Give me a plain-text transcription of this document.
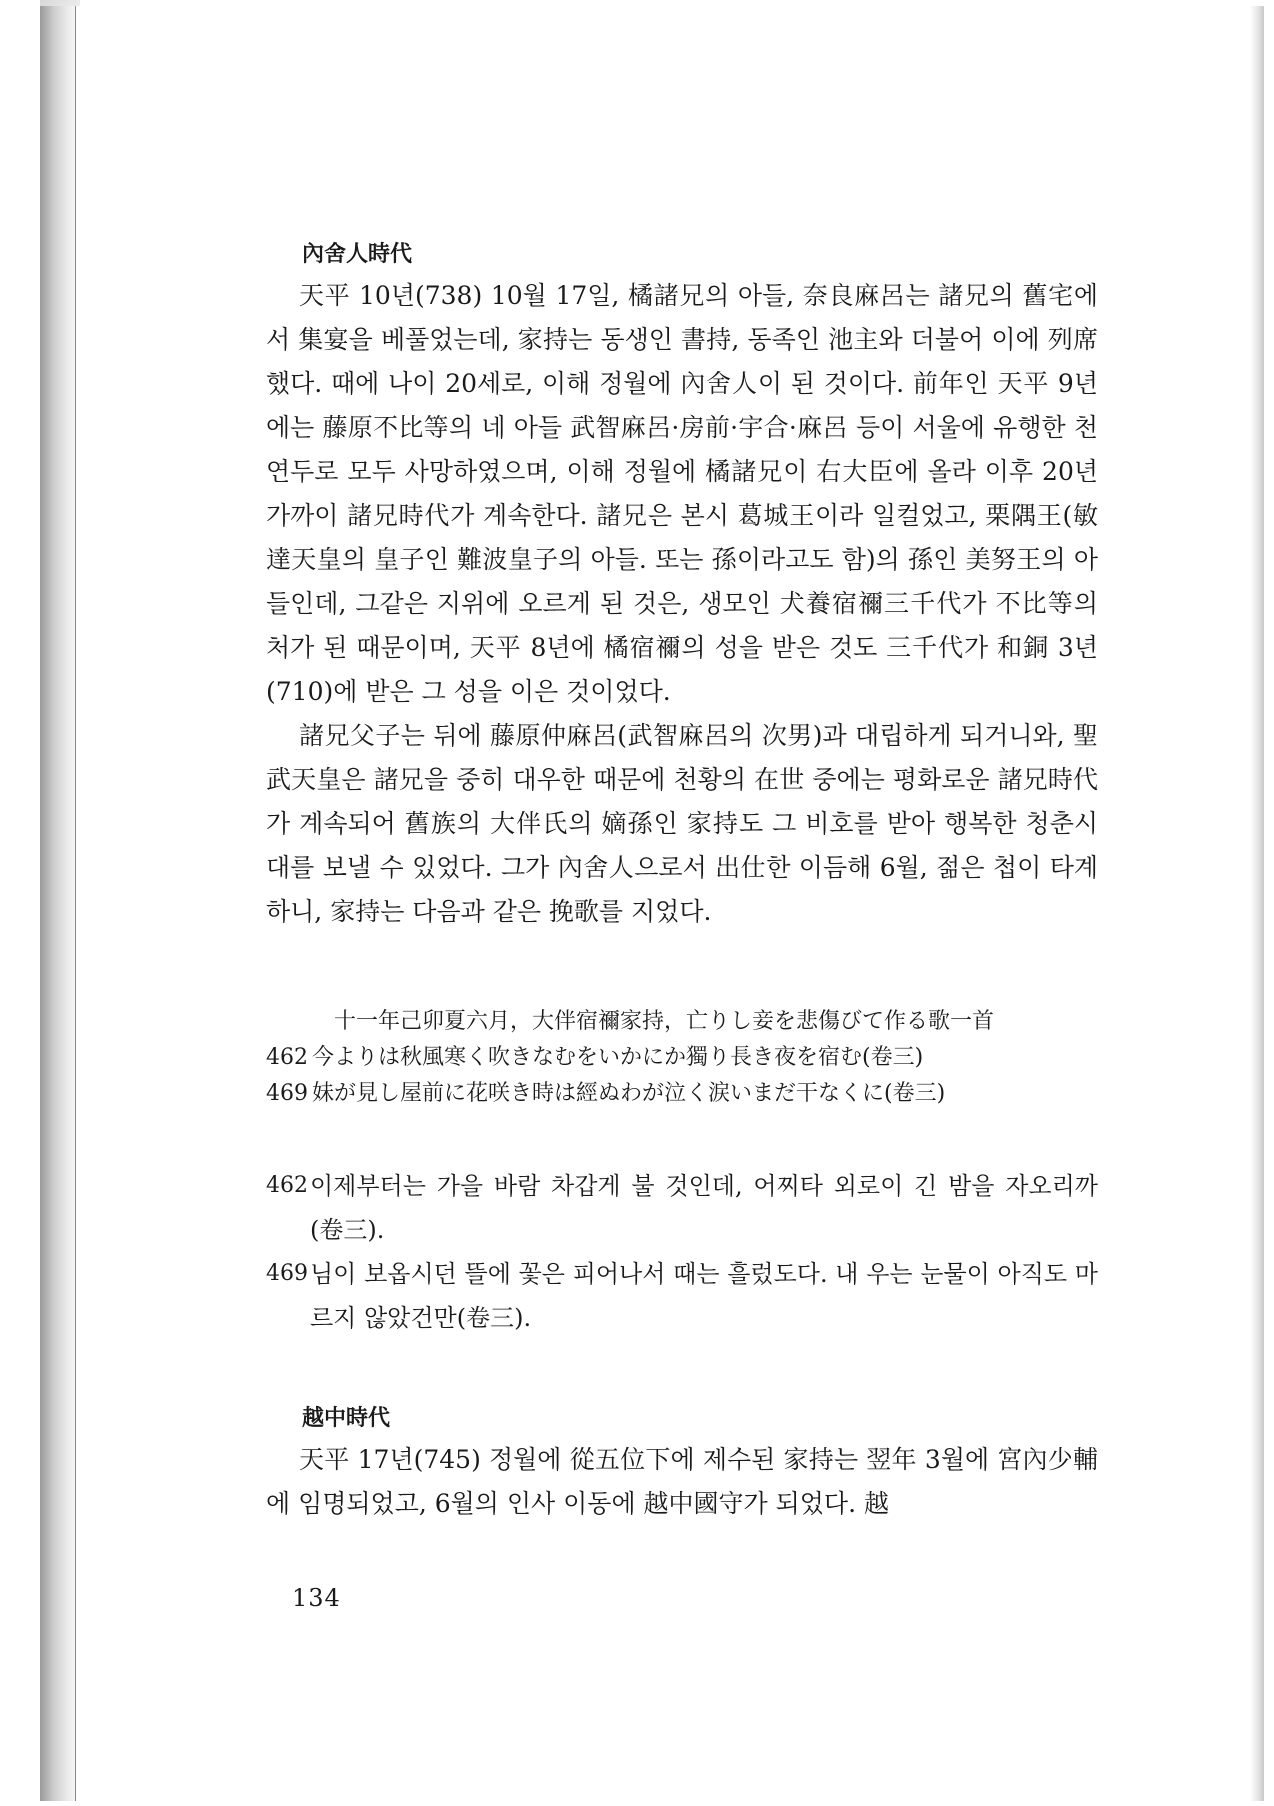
內舍人時代

天平 10년(738) 10월 17일, 橘諸兄의 아들, 奈良麻呂는 諸兄의 舊宅에서 集宴을 베풀었는데, 家持는 동생인 書持, 동족인 池主와 더불어 이에 列席했다. 때에 나이 20세로, 이해 정월에 內舍人이 된 것이다. 前年인 天平 9년에는 藤原不比等의 네 아들 武智麻呂·房前·宇合·麻呂 등이 서울에 유행한 천연두로 모두 사망하였으며, 이해 정월에 橘諸兄이 右大臣에 올라 이후 20년 가까이 諸兄時代가 계속한다. 諸兄은 본시 葛城王이라 일컬었고, 栗隅王(敏達天皇의 皇子인 難波皇子의 아들. 또는 孫이라고도 함)의 孫인 美努王의 아들인데, 그같은 지위에 오르게 된 것은, 생모인 犬養宿禰三千代가 不比等의 처가 된 때문이며, 天平 8년에 橘宿禰의 성을 받은 것도 三千代가 和銅 3년(710)에 받은 그 성을 이은 것이었다.

諸兄父子는 뒤에 藤原仲麻呂(武智麻呂의 次男)과 대립하게 되거니와, 聖武天皇은 諸兄을 중히 대우한 때문에 천황의 在世 중에는 평화로운 諸兄時代가 계속되어 舊族의 大伴氏의 嫡孫인 家持도 그 비호를 받아 행복한 청춘시대를 보낼 수 있었다. 그가 內舍人으로서 出仕한 이듬해 6월, 젊은 첩이 타계하니, 家持는 다음과 같은 挽歌를 지었다.

十一年己卯夏六月，大伴宿禰家持，亡りし妾を悲傷びて作る歌一首
462 今よりは秋風寒く吹きなむをいかにか獨り長き夜を宿む(卷三)
469 妹が見し屋前に花咲き時は經ぬわが泣く涙いまだ干なくに(卷三)
462 이제부터는 가을 바람 차갑게 불 것인데, 어찌타 외로이 긴 밤을 자오리까(卷三).
469 님이 보옵시던 뜰에 꽃은 피어나서 때는 흘렀도다. 내 우는 눈물이 아직도 마르지 않았건만(卷三).
越中時代

天平 17년(745) 정월에 從五位下에 제수된 家持는 翌年 3월에 宮內少輔에 임명되었고, 6월의 인사 이동에 越中國守가 되었다. 越

134
